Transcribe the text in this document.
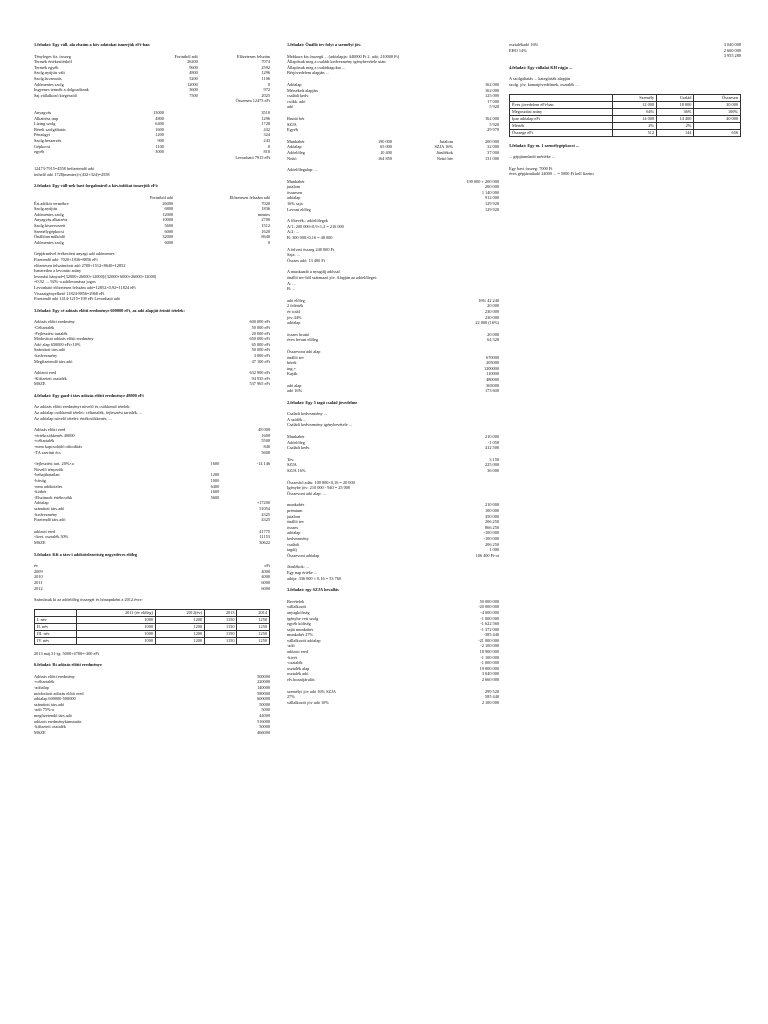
1.feladat: Egy váll. ala elszám a köv adatokat ismerjük eFt-ban
Tényleges fiz. összeg	Forintból adó	Előzetesen felszám
Termék értékesítésből	26200	7074
Termék egyéb	9600	2592
Szolg.nyújtás vált	4800	1296
Szolg.fuvarozás	5200	1106
Adómentes szolg	12000	0
Ingyenes termék a dolgozóknak	3600	972
Saj.vállalkozó kiegészítő	7500	2025
		Összesen 12473 eFt
Anyagvás	13000	3510
Alkatrész imp	4800	1296
Lízing szolg	6400	1728
Bérelt szolgáltatás	1600	432
Pénzügyi	1200	324
Szolg.beszerzés	900	243
Gépkocsi	1100	0
egyéb	3000	810
		Levonható 7915 eFt
12473-7915=4558 befizetendő adó
terhelő adó 1728(mentes)×(432+324)=4558
2.feladat: Egy váll-nek havi forgalmáról a köv.infókat ismerjük eFt:
	Forintból adó	Előzetesen felszám adó
Ért.adókör termékre	26000	7020
Szolg.nyújtás	6800	1836
Adómentes szolg	12000	mentes
Anyagvás.alkatrész	10000	2700
Szolg.kiszervezett	5600	1512
Személygépkocsi	6000	1620
Önállóan működő	32000	8640
Adómentes szolg	6000	0
Gépjárművel érékesített anyagi adó adómentes
Fizetendő adó: 7020+1836=8856 eFt
előzetesen felszámított adó 2700+1512+8640=12852
Ismeretlen a levonási arány
levonási hányad=[32000+26000+12000]/[32000+6000+26000+12000]
=0,92 → 92%-a adólevonásra jogos
Levonható előzetesen felszám adó=12852×0,92=11824 eFt
Visszaigényelhető 11824-8856=2968 eFt
Fizetendő adó 1414-1215=199 eFt Levonható adó
3.feladat: Egy cé adózás előtti eredménye 600000 eFt, az adó alapját érintő tételek:
Adózás előtti eredmény	600 000 eFt
-Céltartalék	50 000 eFt
-Fejlesztési tartalék	20 000 eFt
Módosított adózás előtti eredmény	650 000 eFt
Adó alap 650000 eFt×10%	65 000 eFt
Számított társ.adó	50 000 eFt
-kedvezmény	3 000 eFt
Megfizetendő társ.adó	47 100 eFt
Adózott ered	632 900 eFt
-Kifizetett osztalék	94 935 eFt
MSZE	537 965 eFt
4.feladat: Egy gazd-i társ adózás előtti eredménye 48000 eFt
Az adózás előtti eredményt növelő és csökkentő tételek:
Az adóalap csökkentő tételei: céltartalék, fejlesztési tartalék, ...
Az adóalap növelő tételei: értékcsökkenés, ...
Adózás előtti ered	48 000
+értékcsökkenés 40000	1600
+céltartalék	5500
+nem kapcsolódó ráfordítás	840
-TA szerinti écs	5600
-fejlesztési tart. 20%×a	1600	-14 146
Növelő tényezők		
-behajthatatlan	1200	
-bírság	1000	
-nem adóköteles	6400	
-kötbér	1600	
-Elszámolt értékcsökk	5600	
Adóalap		+17200
számított társ.adó		51054
-kedvezmény		4325
Fizetendő társ.adó		4325
adózott ered	41775
-fizet. osztalék 30%	11153
MSZE	30622
5.feladat: Kft a társ-i adókötelezettség negyedéves előleg
év	eFt
2009	4000
2010	4000
2011	6000
2012	6000
Számítsuk ki az adóelőleg összegét és hónapnként a 2012.évre:
	2011 (év előleg)	2012(év)	2013	2014
I. név	1000	1200	1150	1250
II. név	1000	1200	1150	1250
III. név	1000	1200	1150	1250
IV. név	1000	1200	1150	1250
2013 máj.31-ig: 5000+4700=-300 eFt
6.feladat: Rt adózás előtti eredménye
Adózás előtti eredmény	500000
+céltartalék	220000
-adóalap	140000
módosított adózás előtti ered	580000
adóalap 600000-500000	600000
számított társ.adó	50000
-adó 75%-a	5000
megfizetendő társ.adó	44000
adózott eredménykimutatás	516000
-kifizetett osztalék	50000
MSZE	466000
1.feladat: Önálló tev folyt a személyi jöv.
Mekkora kis összegű ... (adóalapja: 440000 Ft 2. adó: 210000 Ft)
Állapítsuk meg a családi kedvezmény igénybevétele után
Állapítsuk meg a családtagokat ...
Bérjövedelem alapján ...
Adóalap	162 000
Mérsékelt alapján	162 000
családi kedv.	125 000
csökk. adó	17 000
adó	5 920
Bruttó bér	162 000
SZJA	5 920
Egyéb	29 970
Munkabér	190 000	Jutalom	200 000
Adóalap	65 000	SZJA 16%	32 000
Adóelőleg	10 400	Járulékok	37 000
Nettó	164 850	Nettó bér	131 000
Adóelőlegalap: ...
Munkabér	190 000 + 200 000
jutalom	200 000
összesen	1 140 000
adóalap	912 000
16% szja	129 920
Levont előleg	129 920
A főtevék.: adóelőlegek
A/1: 200 000×0,9×1,2 = 216 000
A/2: ...
B: 300 000×0,16 = 48 000
A felvett összeg 240 000 Ft
Szja: ...
Összes adó: 13 400 Ft
A munkaadó a nyugdíj adóssal
önálló tev-ből származó jöv. Alapján az adóelőleget:
A: ...
B: ...
adó előleg	16% 42 240
2 felérték	20 000
év totál	230 000
jöv 44%	230 000
adóalap	22 000 (16%)
összes bruttó	20 000
éves levont előleg	64 320
Összevont adó alap		
önálló tev	670000	
bérek	205000	
ing.+	1200000	
Kaják	110000	
	480000	
adó alap	365000	
adó 16%	173 600	
2.feladat: Egy 5 tagú család jövedelme
Csaladi kedvezmény ...
A szülők ...
Családi kedvezmény igénybevétele ...
Munkabér	210 000
Adóelőleg	-1 050
Családi kedv.	412 500
Tev.	3 150
SZJA	225 000
SZJA 16%	36 000
Összesítő adás: 100 000×0,16 = 20 000
Igénybe jöv: 210 000 - 940 = 25 000
Összevont adó alap: ...
munkabér	210 000
prémium	100 000
jutalom	350 000
önálló tev	206 250
összes	866 250
adóalap	-100 000
kedvezmény	-100 000
családi	206 250
tagdíj	1 000
Összevont adóalap	106 400 Ft-ot
Járulékok: ...
Egy nap értéke ...
adója: 336 000 × 0,16 = 53 760
3.feladat: egy SZJA bevallás
Bevételek	50 000 000
vállalkozói	-20 000 000
anyagköltség	-4 000 000
igénybe vett szolg	-1 000 000
egyéb költség	-1 622 560
saját munkabér	-1 372 000
munkabér 27%	-385 440
vállalkozói adóalap	-21 000 000
-adó	-2 100 000
adózott ered	18 900 000
-kivét	-1 100 000
-osztalék	-1 000 000
osztalék alap	19 000 000
osztalék adó	3 040 000
elv.hozzájárulás	2 660 000
személyi jöv adó 16% SZJA	299 520
27%	585 440
vállalkozói jöv adó 10%	2 100 000
osztalékadó 16%	3 040 000
EHO 14%	2 660 000
	3 955 280
4.feladat: Egy vállalat KH rágja ...
A szolgáltatás ... kategóriák alapján
szolg. jöv, kamatjövedelmek, osztalék ...
	Személy	Család	Összesen
Éves jövedelem eFt-ban	12 000	18 000	30 000
Megosztási arány	64%	36%	100%
Ipar adóalap eFt	14 000	14 400	40 000
Mérték	2%	2%	
Összege eFt	512	144	656
5.feladat: Egy m. 1 személygépkocsi ...
... gépjárműadó mértéke ...
Egy havi összeg: 7000 Ft
éves gépjárműadó 24000 ... = 5000 Ft kell fizetni
